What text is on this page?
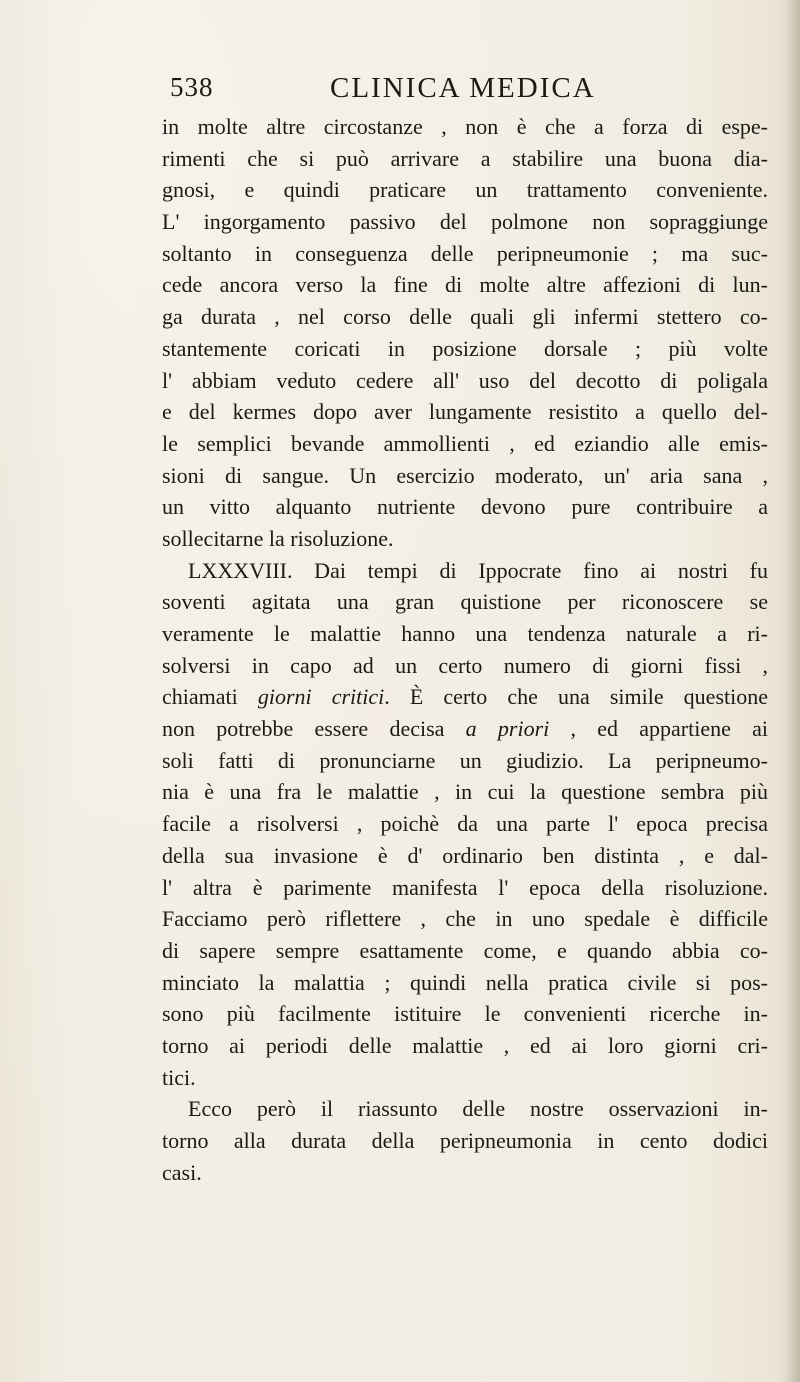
538	CLINICA MEDICA
in molte altre circostanze , non è che a forza di espe-
rimenti che si può arrivare a stabilire una buona dia-
gnosi, e quindi praticare un trattamento conveniente.
L' ingorgamento passivo del polmone non sopraggiunge
soltanto in conseguenza delle peripneumonie ; ma suc-
cede ancora verso la fine di molte altre affezioni di lun-
ga durata , nel corso delle quali gli infermi stettero co-
stantemente coricati in posizione dorsale ; più volte
l' abbiam veduto cedere all' uso del decotto di poligala
e del kermes dopo aver lungamente resistito a quello del-
le semplici bevande ammollienti , ed eziandio alle emis-
sioni di sangue. Un esercizio moderato, un' aria sana ,
un vitto alquanto nutriente devono pure contribuire a
sollecitarne la risoluzione.
LXXXVIII. Dai tempi di Ippocrate fino ai nostri fu
soventi agitata una gran quistione per riconoscere se
veramente le malattie hanno una tendenza naturale a ri-
solversi in capo ad un certo numero di giorni fissi ,
chiamati giorni critici. È certo che una simile questione
non potrebbe essere decisa a priori , ed appartiene ai
soli fatti di pronunciarne un giudizio. La peripneumo-
nia è una fra le malattie , in cui la questione sembra più
facile a risolversi , poichè da una parte l' epoca precisa
della sua invasione è d' ordinario ben distinta , e dal-
l' altra è parimente manifesta l' epoca della risoluzione.
Facciamo però riflettere , che in uno spedale è difficile
di sapere sempre esattamente come, e quando abbia co-
minciato la malattia ; quindi nella pratica civile si pos-
sono più facilmente istituire le convenienti ricerche in-
torno ai periodi delle malattie , ed ai loro giorni cri-
tici.
Ecco però il riassunto delle nostre osservazioni in-
torno alla durata della peripneumonia in cento dodici
casi.
